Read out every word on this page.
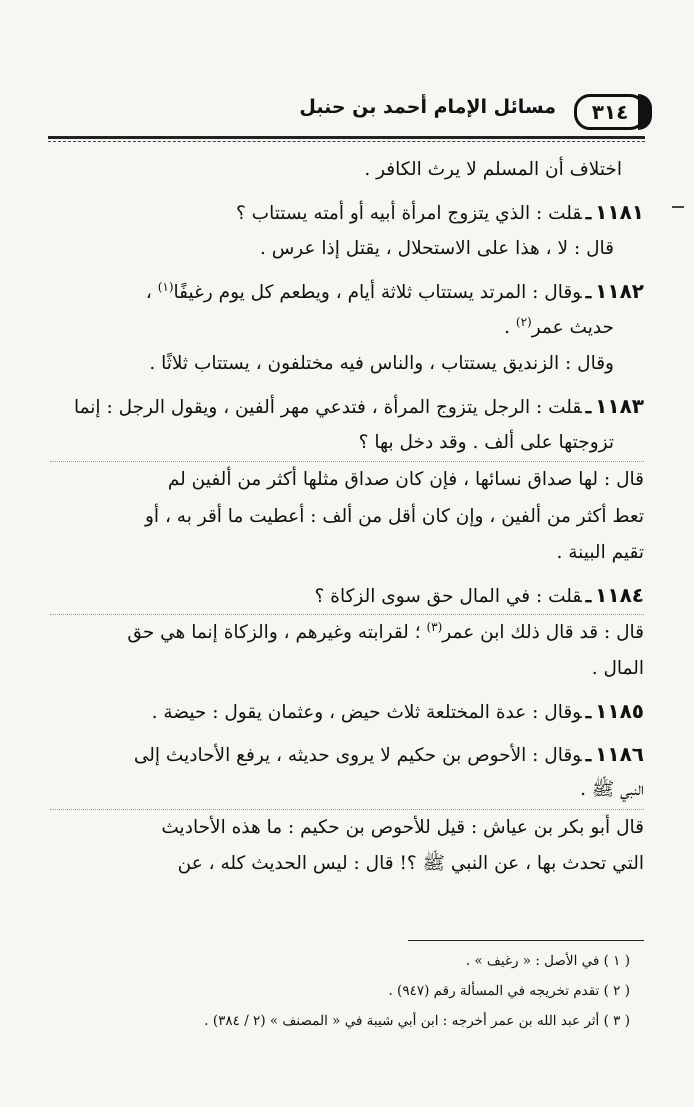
٣١٤
مسائل الإمام أحمد بن حنبل
اختلاف أن المسلم لا يرث الكافر .
١١٨١ـقلت : الذي يتزوج امرأة أبيه أو أمته يستتاب ؟
قال : لا ، هذا على الاستحلال ، يقتل إذا عرس .
١١٨٢ـوقال : المرتد يستتاب ثلاثة أيام ، ويطعم كل يوم رغيفًا$^{(١)}$ ،
حديث عمر$^{(٢)}$ .
وقال : الزنديق يستتاب ، والناس فيه مختلفون ، يستتاب ثلاثًا .
١١٨٣ـقلت : الرجل يتزوج المرأة ، فتدعي مهر ألفين ، ويقول الرجل : إنما
تزوجتها على ألف . وقد دخل بها ؟
قال : لها صداق نسائها ، فإن كان صداق مثلها أكثر من ألفين لم
تعط أكثر من ألفين ، وإن كان أقل من ألف : أعطيت ما أقر به ، أو
تقيم البينة .
١١٨٤ـقلت : في المال حق سوى الزكاة ؟
قال : قد قال ذلك ابن عمر$^{(٣)}$ ؛ لقرابته وغيرهم ، والزكاة إنما هي حق
المال .
١١٨٥ـوقال : عدة المختلعة ثلاث حيض ، وعثمان يقول : حيضة .
١١٨٦ـوقال : الأحوص بن حكيم لا يروى حديثه ، يرفع الأحاديث إلى
النبي ﷺ .
قال أبو بكر بن عياش : قيل للأحوص بن حكيم : ما هذه الأحاديث
التي تحدث بها ، عن النبي ﷺ ؟! قال : ليس الحديث كله ، عن
( ١ ) في الأصل : « رغيف » .
( ٢ ) تقدم تخريجه في المسألة رقم (٩٤٧) .
( ٣ ) أثر عبد الله بن عمر أخرجه : ابن أبي شيبة في « المصنف » (٢ / ٣٨٤) .
